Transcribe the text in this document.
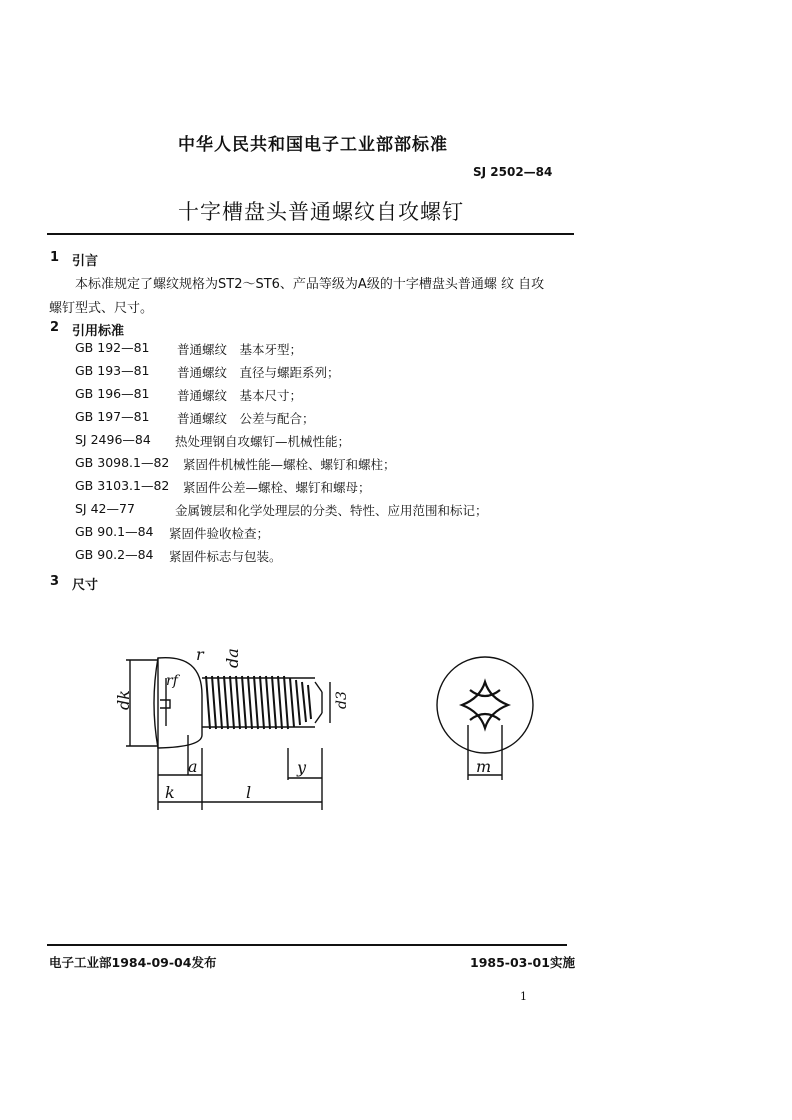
中华人民共和国电子工业部部标准
SJ 2502—84
十字槽盘头普通螺纹自攻螺钉
1 引言
本标准规定了螺纹规格为ST2～ST6、产品等级为A级的十字槽盘头普通螺 纹 自攻
螺钉型式、尺寸。
2 引用标准
GB 192—81	普通螺纹　基本牙型；
GB 193—81	普通螺纹　直径与螺距系列；
GB 196—81	普通螺纹　基本尺寸；
GB 197—81	普通螺纹　公差与配合；
SJ 2496—84	热处理钢自攻螺钉—机械性能；
GB 3098.1—82	紧固件机械性能—螺栓、螺钉和螺柱；
GB 3103.1—82	紧固件公差—螺栓、螺钉和螺母；
SJ 42—77	金属镀层和化学处理层的分类、特性、应用范围和标记；
GB 90.1—84	紧固件验收检查；
GB 90.2—84	紧固件标志与包装。
3 尺寸
r
rf
da
dk	d3
a	y
k	l
m
电子工业部1984-09-04发布	1985-03-01实施
1
